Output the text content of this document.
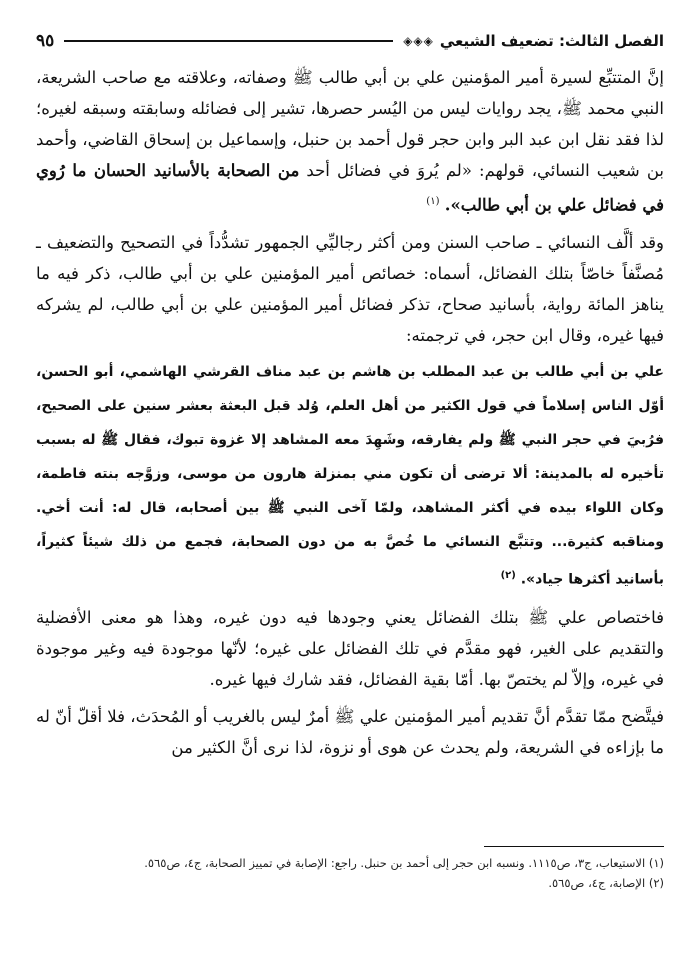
الفصل الثالث: تضعيف الشيعي
◈◈◈
٩٥

إنَّ المتتبِّع لسيرة أمير المؤمنين علي بن أبي طالب ﷺ وصفاته، وعلاقته مع صاحب الشريعة، النبي محمد ﷺ، يجد روايات ليس من اليُسر حصرها، تشير إلى فضائله وسابقته وسبقه لغيره؛ لذا فقد نقل ابن عبد البر وابن حجر قول أحمد بن حنبل، وإسماعيل بن إسحاق القاضي، وأحمد بن شعيب النسائي، قولهم: «لم يُروَ في فضائل أحد من الصحابة بالأسانيد الحسان ما رُوي في فضائل علي بن أبي طالب». $^{(١)}$

وقد ألَّف النسائي ـ صاحب السنن ومن أكثر رجاليِّي الجمهور تشدُّداً في التصحيح والتضعيف ـ مُصنَّفاً خاصّاً بتلك الفضائل، أسماه: خصائص أمير المؤمنين علي بن أبي طالب، ذكر فيه ما يناهز المائة رواية، بأسانيد صحاح، تذكر فضائل أمير المؤمنين علي بن أبي طالب، لم يشركه فيها غيره، وقال ابن حجر، في ترجمته:

علي بن أبي طالب بن عبد المطلب بن هاشم بن عبد مناف القرشي الهاشمي، أبو الحسن، أوّل الناس إسلاماً في قول الكثير من أهل العلم، وُلد قبل البعثة بعشر سنين على الصحيح، فرُبيَ في حجر النبي ﷺ ولم يفارقه، وشَهِدَ معه المشاهد إلا غزوة تبوك، فقال ﷺ له بسبب تأخيره له بالمدينة: ألا ترضى أن تكون مني بمنزلة هارون من موسى، وزوَّجه بنته فاطمة، وكان اللواء بيده في أكثر المشاهد، ولمّا آخى النبي ﷺ بين أصحابه، قال له: أنت أخي. ومناقبه كثيرة... وتتبَّع النسائي ما خُصَّ به من دون الصحابة، فجمع من ذلك شيئاً كثيراً، بأسانيد أكثرها جياد». $^{(٢)}$

فاختصاص علي ﷺ بتلك الفضائل يعني وجودها فيه دون غيره، وهذا هو معنى الأفضلية والتقديم على الغير، فهو مقدَّم في تلك الفضائل على غيره؛ لأنّها موجودة فيه وغير موجودة في غيره، وإلاّ لم يختصّ بها. أمّا بقية الفضائل، فقد شارك فيها غيره.

فيتَّضح ممّا تقدَّم أنَّ تقديم أمير المؤمنين علي ﷺ أمرٌ ليس بالغريب أو المُحدَث، فلا أقلّ أنّ له ما بإزاءه في الشريعة، ولم يحدث عن هوى أو نزوة، لذا نرى أنَّ الكثير من

(١) الاستيعاب، ج٣، ص١١١٥. ونسبه ابن حجر إلى أحمد بن حنبل. راجع: الإصابة في تمييز الصحابة، ج٤، ص٥٦٥.

(٢) الإصابة، ج٤، ص٥٦٥.
